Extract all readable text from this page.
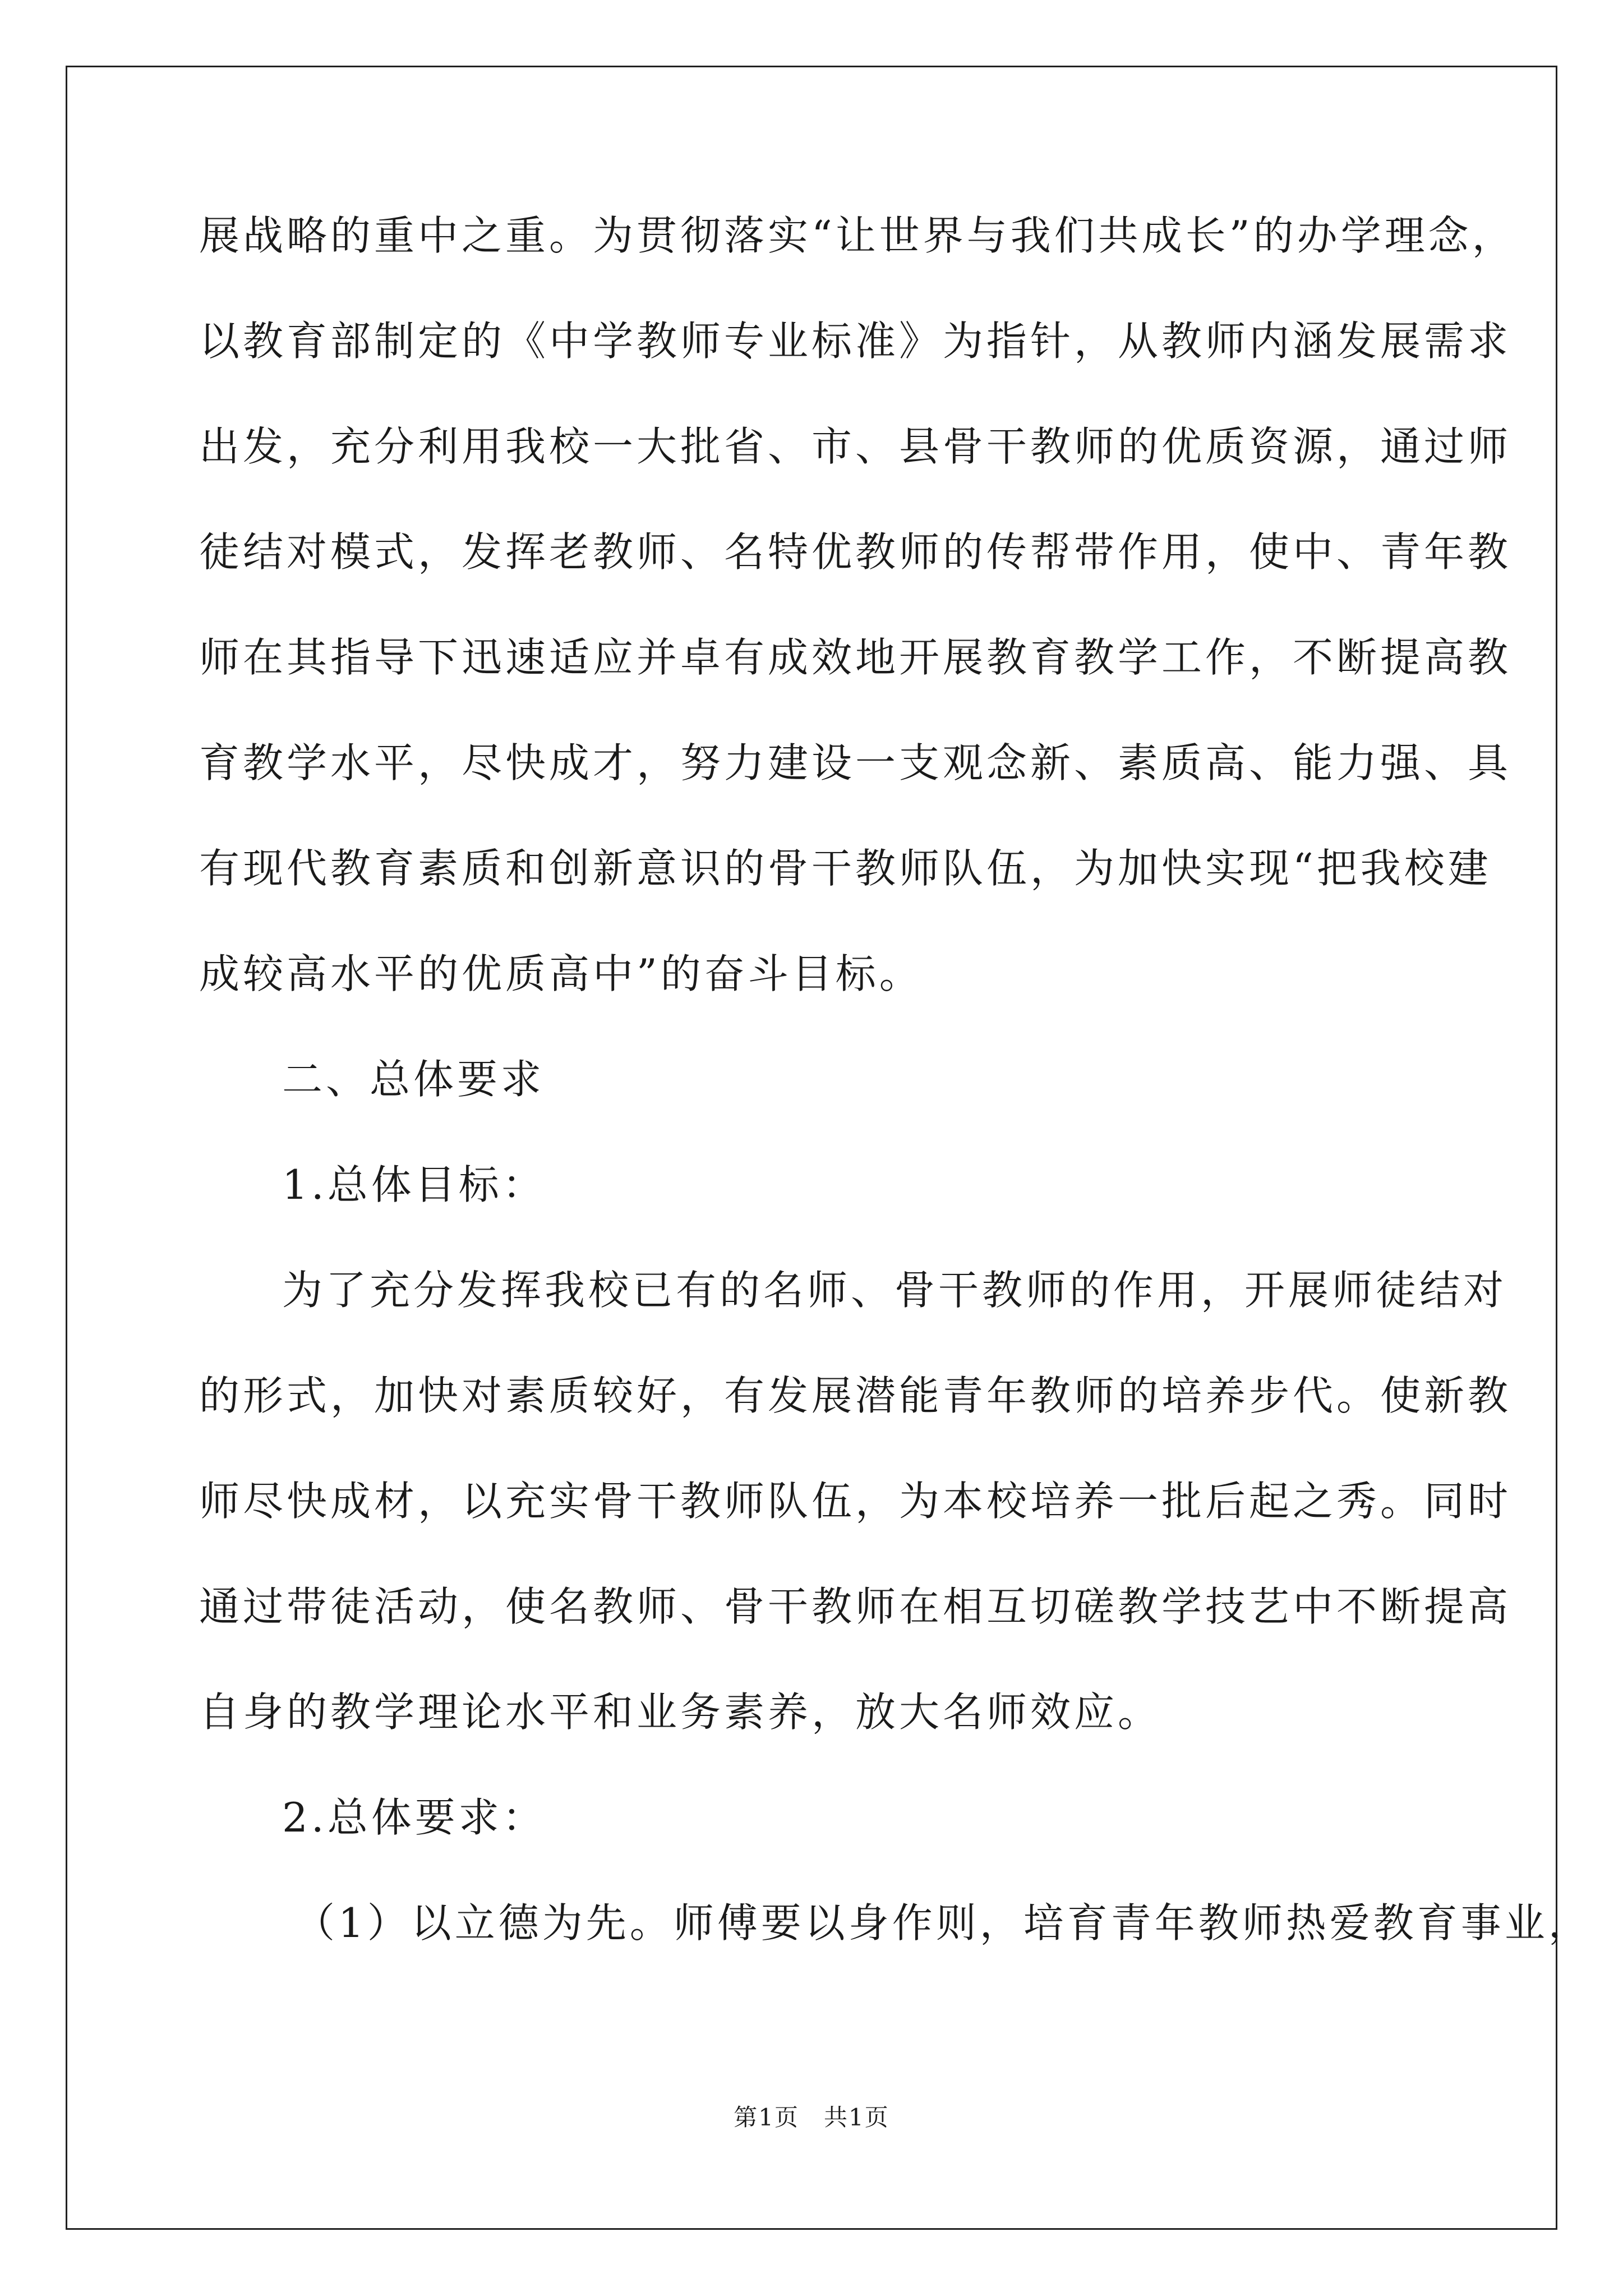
展战略的重中之重。为贯彻落实“让世界与我们共成长”的办学理念，

以教育部制定的《中学教师专业标准》为指针，从教师内涵发展需求

出发，充分利用我校一大批省、市、县骨干教师的优质资源，通过师

徒结对模式，发挥老教师、名特优教师的传帮带作用，使中、青年教

师在其指导下迅速适应并卓有成效地开展教育教学工作，不断提高教

育教学水平，尽快成才，努力建设一支观念新、素质高、能力强、具

有现代教育素质和创新意识的骨干教师队伍，为加快实现“把我校建

成较高水平的优质高中”的奋斗目标。

二、总体要求

1.总体目标：

为了充分发挥我校已有的名师、骨干教师的作用，开展师徒结对

的形式，加快对素质较好，有发展潜能青年教师的培养步代。使新教

师尽快成材，以充实骨干教师队伍，为本校培养一批后起之秀。同时

通过带徒活动，使名教师、骨干教师在相互切磋教学技艺中不断提高

自身的教学理论水平和业务素养，放大名师效应。

2.总体要求：

（1）以立德为先。师傅要以身作则，培育青年教师热爱教育事业，

第1页　共1页
